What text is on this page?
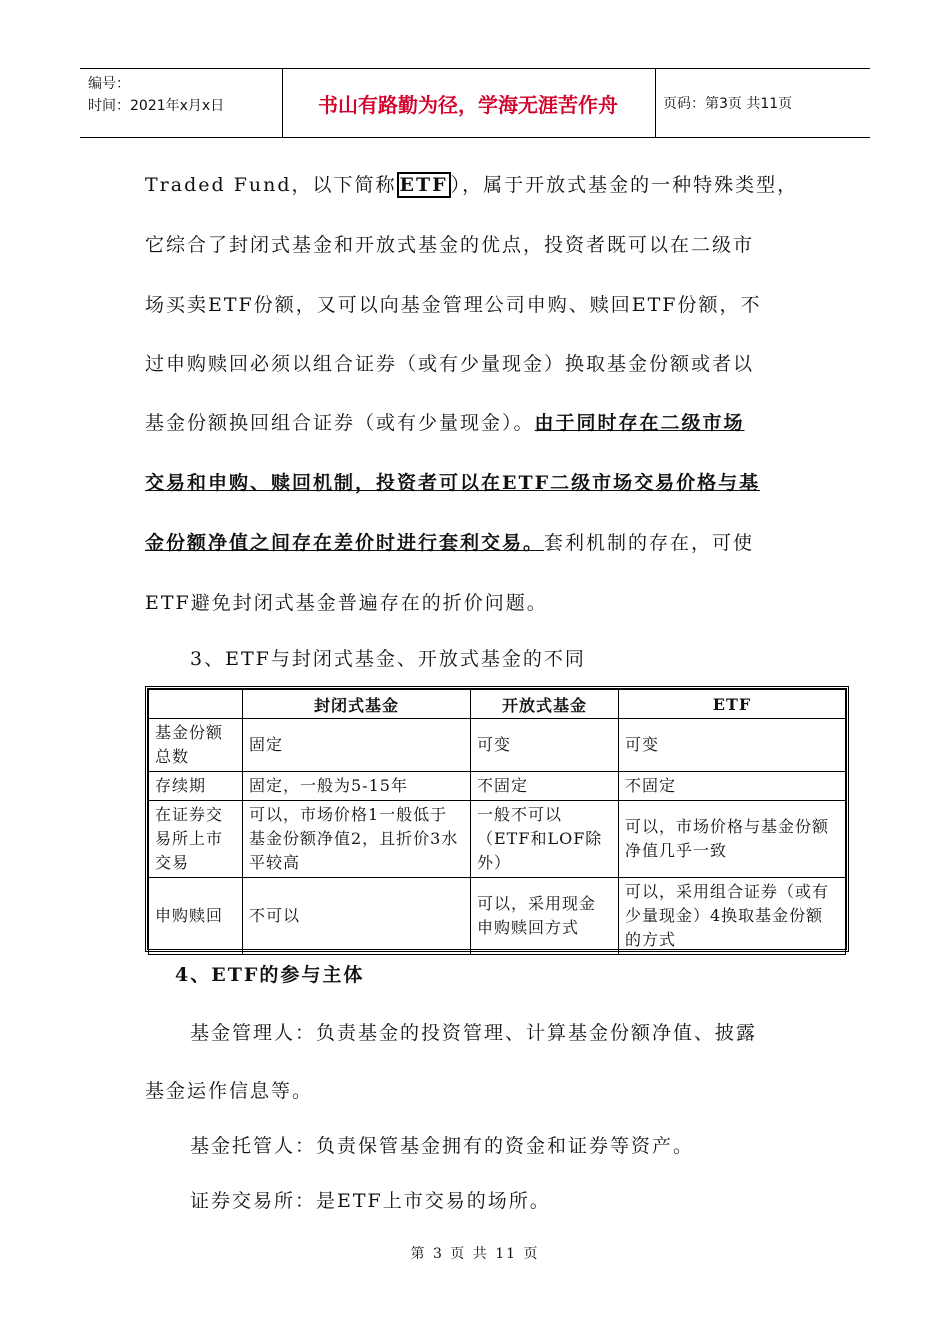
编号：
时间：2021年x月x日	书山有路勤为径，学海无涯苦作舟	页码：第3页 共11页
Traded Fund，以下简称 ETF ），属于开放式基金的一种特殊类型，
它综合了封闭式基金和开放式基金的优点，投资者既可以在二级市
场买卖ETF份额，又可以向基金管理公司申购、赎回ETF份额，不
过申购赎回必须以组合证券（或有少量现金）换取基金份额或者以
基金份额换回组合证券（或有少量现金）。由于同时存在二级市场
交易和申购、赎回机制，投资者可以在ETF二级市场交易价格与基
金份额净值之间存在差价时进行套利交易。套利机制的存在，可使
ETF避免封闭式基金普遍存在的折价问题。
3、ETF与封闭式基金、开放式基金的不同
	封闭式基金	开放式基金	ETF
基金份额总数	固定	可变	可变
存续期	固定，一般为5-15年	不固定	不固定
在证券交易所上市交易	可以，市场价格1一般低于基金份额净值2，且折价3水平较高	一般不可以（ETF和LOF除外）	可以，市场价格与基金份额净值几乎一致
申购赎回	不可以	可以，采用现金申购赎回方式	可以，采用组合证券（或有少量现金）4换取基金份额的方式
4、ETF的参与主体
基金管理人：负责基金的投资管理、计算基金份额净值、披露
基金运作信息等。
基金托管人：负责保管基金拥有的资金和证券等资产。
证券交易所：是ETF上市交易的场所。
第 3 页 共 11 页
